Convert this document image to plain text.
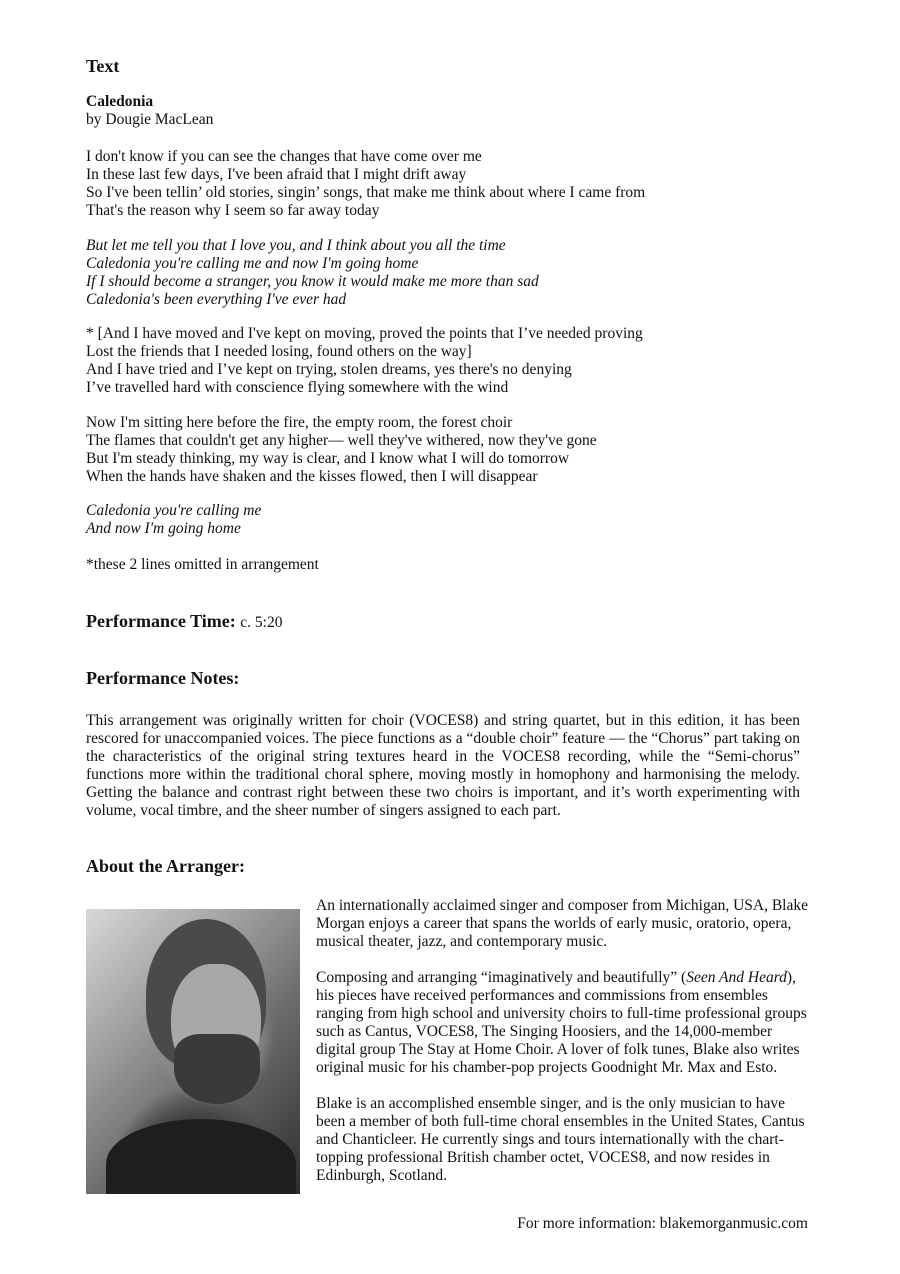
Text
Caledonia
by Dougie MacLean
I don't know if you can see the changes that have come over me
In these last few days, I've been afraid that I might drift away
So I've been tellin’ old stories, singin’ songs, that make me think about where I came from
That's the reason why I seem so far away today
But let me tell you that I love you, and I think about you all the time
Caledonia you're calling me and now I'm going home
If I should become a stranger, you know it would make me more than sad
Caledonia's been everything I've ever had
* [And I have moved and I've kept on moving, proved the points that I’ve needed proving
Lost the friends that I needed losing, found others on the way]
And I have tried and I’ve kept on trying, stolen dreams, yes there's no denying
I’ve travelled hard with conscience flying somewhere with the wind
Now I'm sitting here before the fire, the empty room, the forest choir
The flames that couldn't get any higher— well they've withered, now they've gone
But I'm steady thinking, my way is clear, and I know what I will do tomorrow
When the hands have shaken and the kisses flowed, then I will disappear
Caledonia you're calling me
And now I'm going home
*these 2 lines omitted in arrangement
Performance Time: c. 5:20
Performance Notes:
This arrangement was originally written for choir (VOCES8) and string quartet, but in this edition, it has been rescored for unaccompanied voices. The piece functions as a “double choir” feature — the “Chorus” part taking on the characteristics of the original string textures heard in the VOCES8 recording, while the “Semi-chorus” functions more within the traditional choral sphere, moving mostly in homophony and harmonising the melody. Getting the balance and contrast right between these two choirs is important, and it’s worth experimenting with volume, vocal timbre, and the sheer number of singers assigned to each part.
About the Arranger:

An internationally acclaimed singer and composer from Michigan, USA, Blake Morgan enjoys a career that spans the worlds of early music, oratorio, opera, musical theater, jazz, and contemporary music.

Composing and arranging “imaginatively and beautifully” (Seen And Heard), his pieces have received performances and commissions from ensembles ranging from high school and university choirs to full-time professional groups such as Cantus, VOCES8, The Singing Hoosiers, and the 14,000-member digital group The Stay at Home Choir. A lover of folk tunes, Blake also writes original music for his chamber-pop projects Goodnight Mr. Max and Esto.

Blake is an accomplished ensemble singer, and is the only musician to have been a member of both full-time choral ensembles in the United States, Cantus and Chanticleer. He currently sings and tours internationally with the chart-topping professional British chamber octet, VOCES8, and now resides in Edinburgh, Scotland.

For more information: blakemorganmusic.com
